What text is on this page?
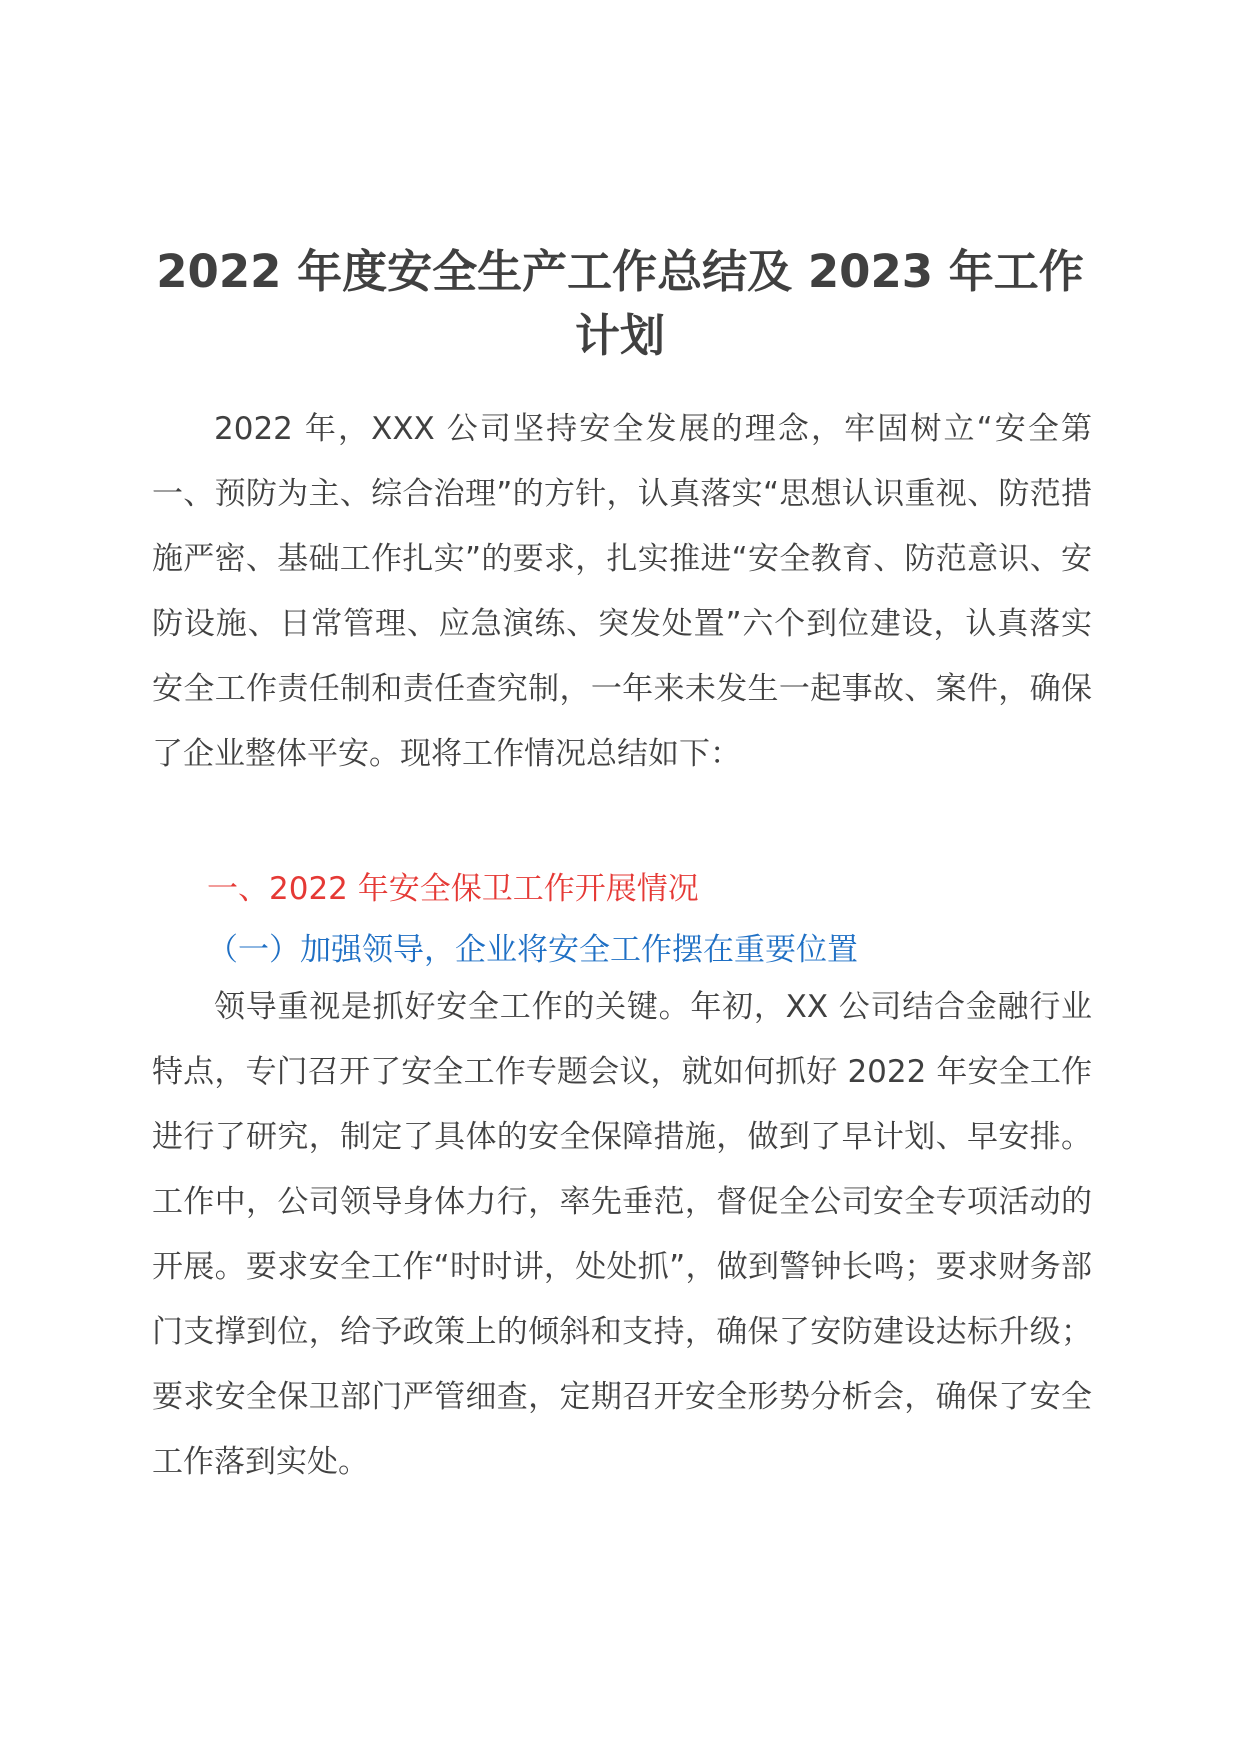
2022 年度安全生产工作总结及 2023 年工作计划
2022 年，XXX 公司坚持安全发展的理念，牢固树立“安全第一、预防为主、综合治理”的方针，认真落实“思想认识重视、防范措施严密、基础工作扎实”的要求，扎实推进“安全教育、防范意识、安防设施、日常管理、应急演练、突发处置”六个到位建设，认真落实安全工作责任制和责任查究制，一年来未发生一起事故、案件，确保了企业整体平安。现将工作情况总结如下：
一、2022 年安全保卫工作开展情况
（一）加强领导，企业将安全工作摆在重要位置
领导重视是抓好安全工作的关键。年初，XX 公司结合金融行业特点，专门召开了安全工作专题会议，就如何抓好 2022 年安全工作进行了研究，制定了具体的安全保障措施，做到了早计划、早安排。工作中，公司领导身体力行，率先垂范，督促全公司安全专项活动的开展。要求安全工作“时时讲，处处抓”，做到警钟长鸣；要求财务部门支撑到位，给予政策上的倾斜和支持，确保了安防建设达标升级；要求安全保卫部门严管细查，定期召开安全形势分析会，确保了安全工作落到实处。
